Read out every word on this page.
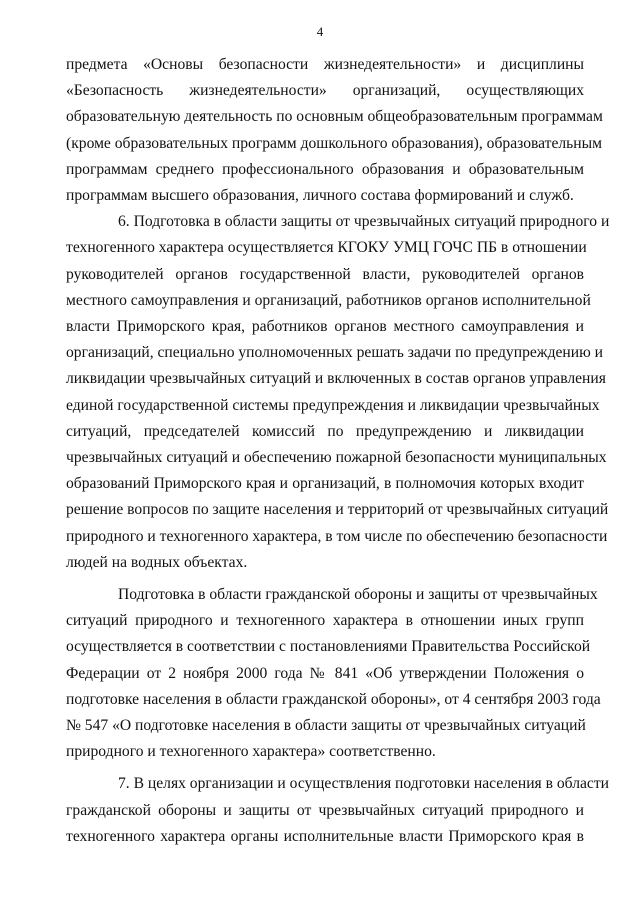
4

предмета «Основы безопасности жизнедеятельности» и дисциплины
«Безопасность жизнедеятельности» организаций, осуществляющих
образовательную деятельность по основным общеобразовательным программам
(кроме образовательных программ дошкольного образования), образовательным
программам среднего профессионального образования и образовательным
программам высшего образования, личного состава формирований и служб.

6. Подготовка в области защиты от чрезвычайных ситуаций природного и
техногенного характера осуществляется КГОКУ УМЦ ГОЧС ПБ в отношении
руководителей органов государственной власти, руководителей органов
местного самоуправления и организаций, работников органов исполнительной
власти Приморского края, работников органов местного самоуправления и
организаций, специально уполномоченных решать задачи по предупреждению и
ликвидации чрезвычайных ситуаций и включенных в состав органов управления
единой государственной системы предупреждения и ликвидации чрезвычайных
ситуаций, председателей комиссий по предупреждению и ликвидации
чрезвычайных ситуаций и обеспечению пожарной безопасности муниципальных
образований Приморского края и организаций, в полномочия которых входит
решение вопросов по защите населения и территорий от чрезвычайных ситуаций
природного и техногенного характера, в том числе по обеспечению безопасности
людей на водных объектах.

Подготовка в области гражданской обороны и защиты от чрезвычайных
ситуаций природного и техногенного характера в отношении иных групп
осуществляется в соответствии с постановлениями Правительства Российской
Федерации от 2 ноября 2000 года № 841 «Об утверждении Положения о
подготовке населения в области гражданской обороны», от 4 сентября 2003 года
№ 547 «О подготовке населения в области защиты от чрезвычайных ситуаций
природного и техногенного характера» соответственно.

7. В целях организации и осуществления подготовки населения в области
гражданской обороны и защиты от чрезвычайных ситуаций природного и
техногенного характера органы исполнительные власти Приморского края в
